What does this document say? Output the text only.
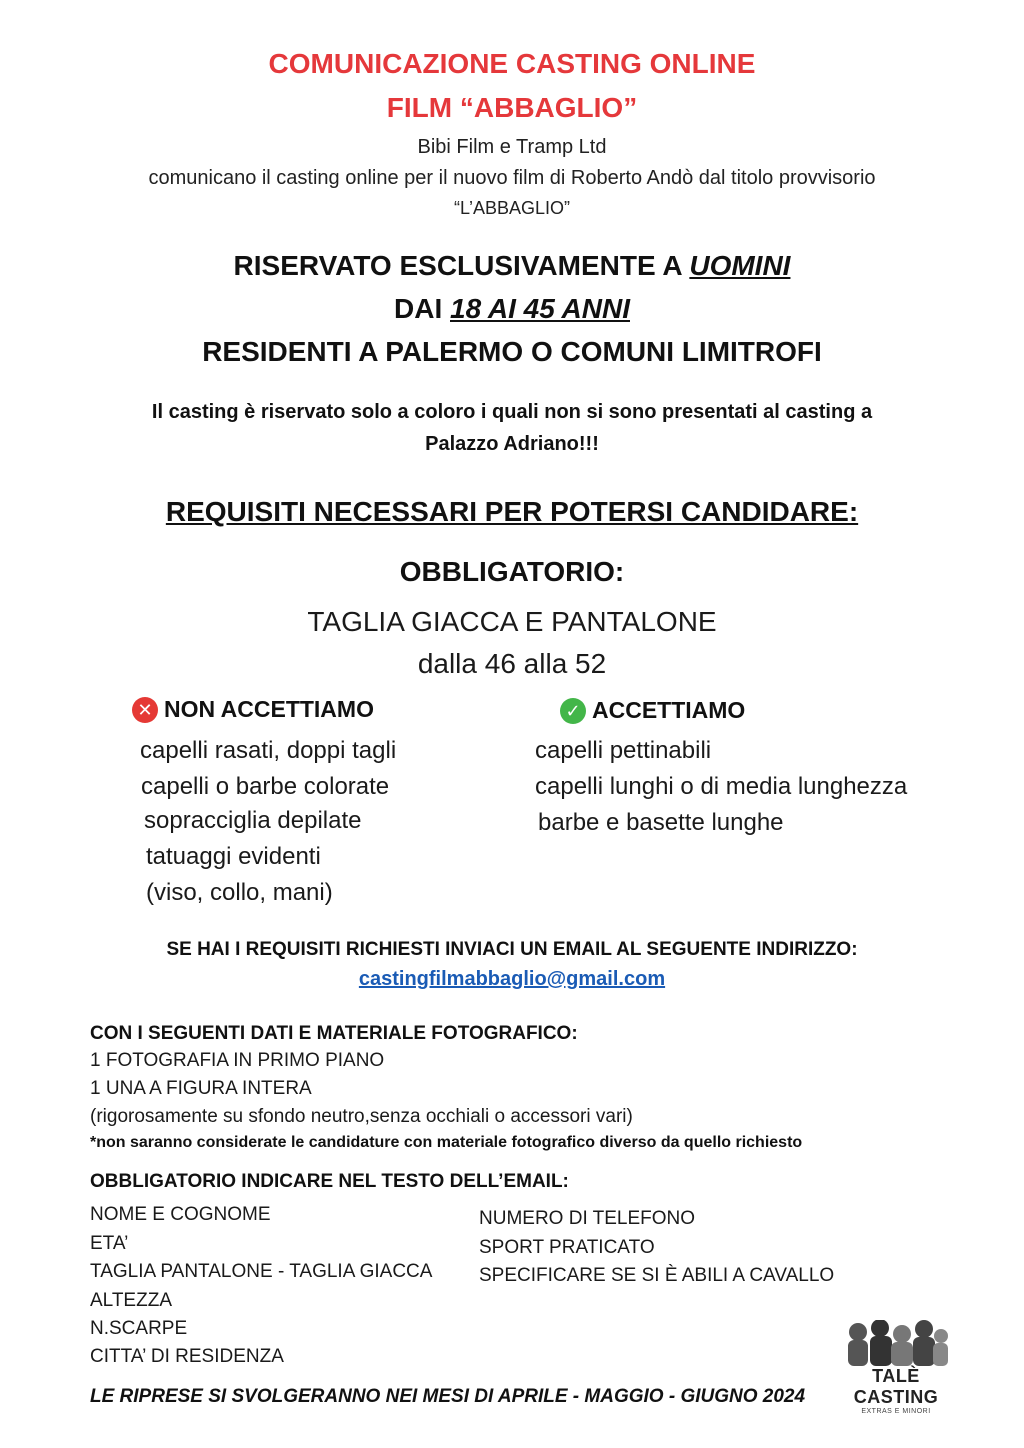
COMUNICAZIONE CASTING ONLINE
FILM “ABBAGLIO”
Bibi Film e Tramp Ltd
comunicano il casting online per il nuovo film di Roberto Andò dal titolo provvisorio
“L’ABBAGLIO”
RISERVATO ESCLUSIVAMENTE A UOMINI
DAI 18 AI 45 ANNI
RESIDENTI A PALERMO O COMUNI LIMITROFI
Il casting è riservato solo a coloro i quali non si sono presentati al casting a
Palazzo Adriano!!!
REQUISITI NECESSARI PER POTERSI CANDIDARE:
OBBLIGATORIO:
TAGLIA GIACCA E PANTALONE
dalla 46 alla 52
✕ NON ACCETTIAMO
capelli rasati, doppi tagli
capelli o barbe colorate
sopracciglia depilate
tatuaggi evidenti
(viso, collo, mani)
✓ ACCETTIAMO
capelli pettinabili
capelli lunghi o di media lunghezza
barbe e basette lunghe
SE HAI I REQUISITI RICHIESTI INVIACI UN EMAIL AL SEGUENTE INDIRIZZO:
castingfilmabbaglio@gmail.com
CON I SEGUENTI DATI E MATERIALE FOTOGRAFICO:
1 FOTOGRAFIA IN PRIMO PIANO
1 UNA A FIGURA INTERA
(rigorosamente su sfondo neutro,senza occhiali o accessori vari)
*non saranno considerate le candidature con materiale fotografico diverso da quello richiesto
OBBLIGATORIO INDICARE NEL TESTO DELL’EMAIL:
NOME E COGNOME
ETA’
TAGLIA PANTALONE - TAGLIA GIACCA
ALTEZZA
N.SCARPE
CITTA’ DI RESIDENZA
NUMERO DI TELEFONO
SPORT PRATICATO
SPECIFICARE SE SI È ABILI A CAVALLO
LE RIPRESE SI SVOLGERANNO NEI MESI DI APRILE - MAGGIO - GIUGNO 2024
TALÈ CASTING
EXTRAS E MINORI
